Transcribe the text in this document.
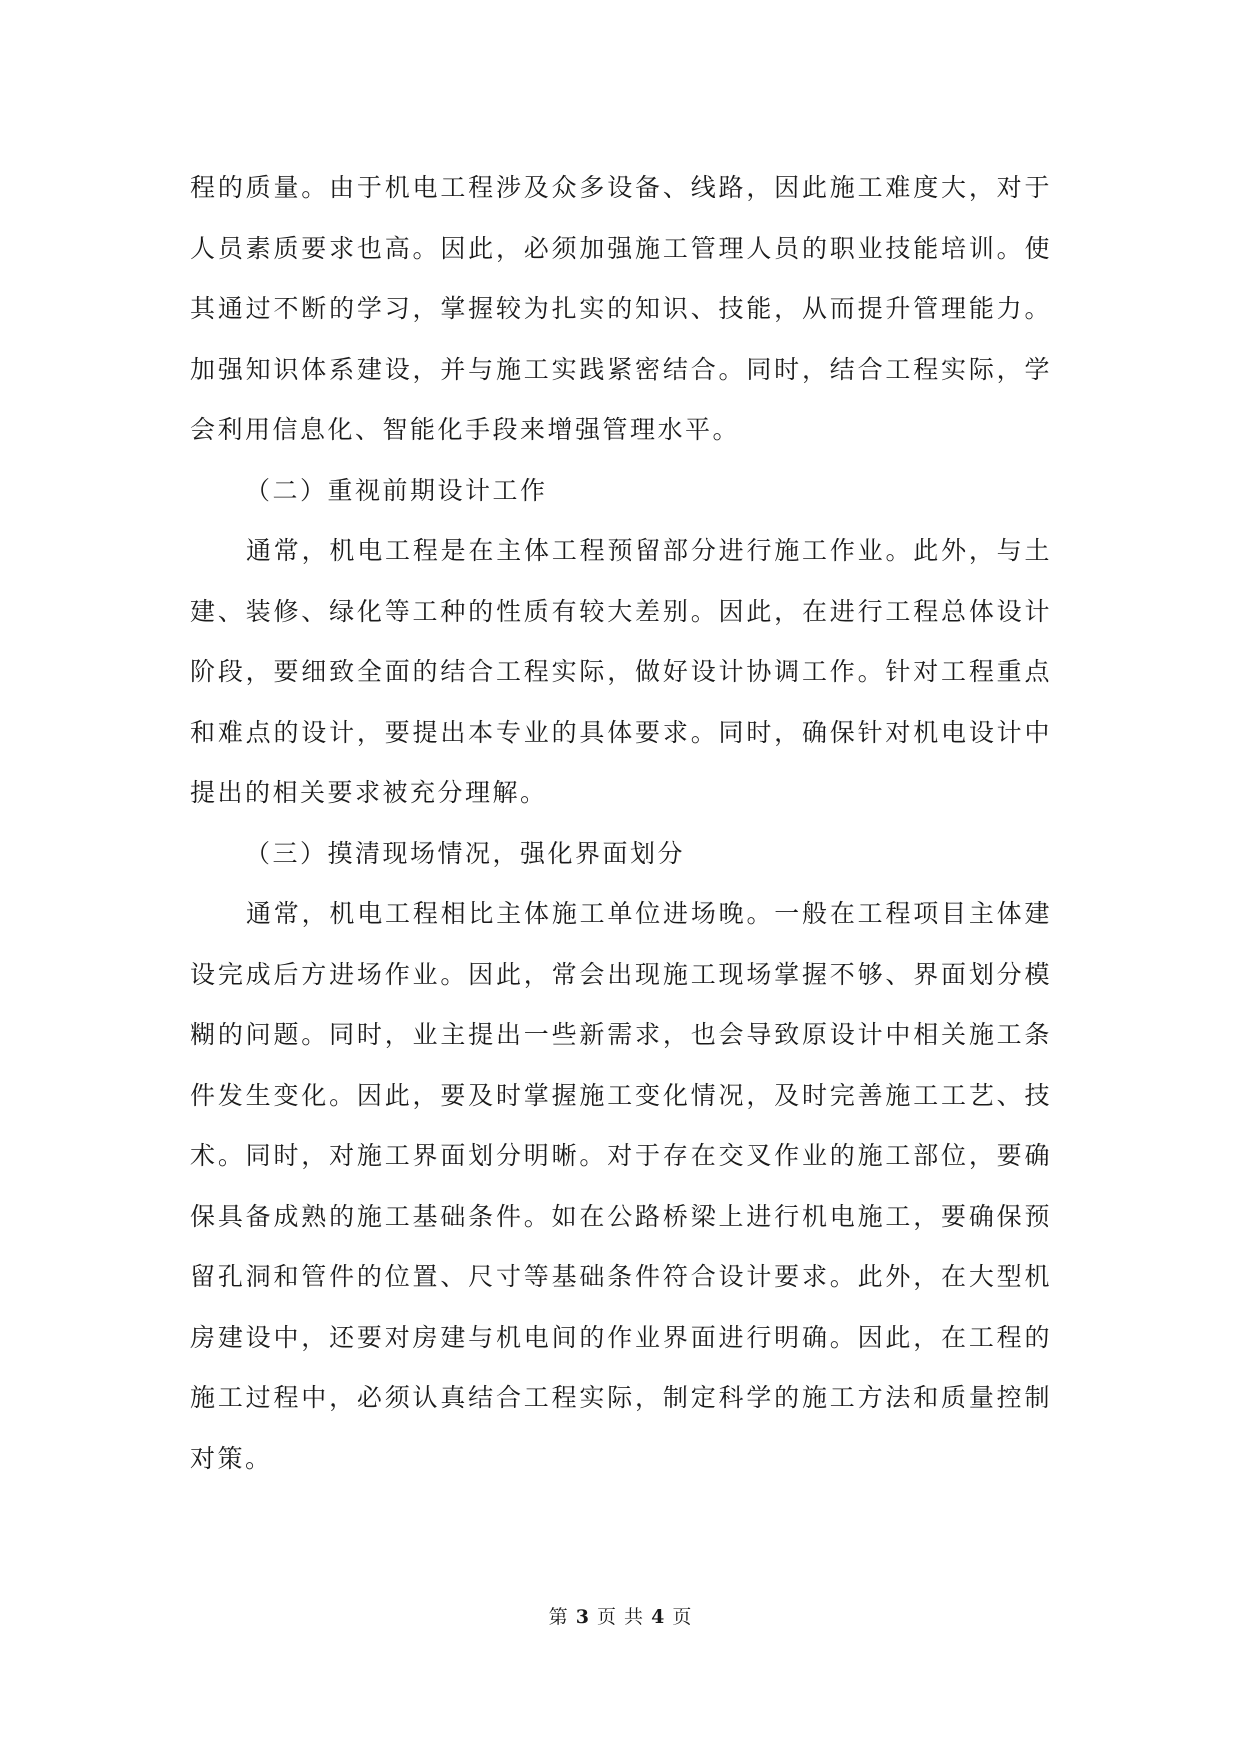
程的质量。由于机电工程涉及众多设备、线路，因此施工难度大，对于人员素质要求也高。因此，必须加强施工管理人员的职业技能培训。使其通过不断的学习，掌握较为扎实的知识、技能，从而提升管理能力。加强知识体系建设，并与施工实践紧密结合。同时，结合工程实际，学会利用信息化、智能化手段来增强管理水平。

（二）重视前期设计工作

通常，机电工程是在主体工程预留部分进行施工作业。此外，与土建、装修、绿化等工种的性质有较大差别。因此，在进行工程总体设计阶段，要细致全面的结合工程实际，做好设计协调工作。针对工程重点和难点的设计，要提出本专业的具体要求。同时，确保针对机电设计中提出的相关要求被充分理解。

（三）摸清现场情况，强化界面划分

通常，机电工程相比主体施工单位进场晚。一般在工程项目主体建设完成后方进场作业。因此，常会出现施工现场掌握不够、界面划分模糊的问题。同时，业主提出一些新需求，也会导致原设计中相关施工条件发生变化。因此，要及时掌握施工变化情况，及时完善施工工艺、技术。同时，对施工界面划分明晰。对于存在交叉作业的施工部位，要确保具备成熟的施工基础条件。如在公路桥梁上进行机电施工，要确保预留孔洞和管件的位置、尺寸等基础条件符合设计要求。此外，在大型机房建设中，还要对房建与机电间的作业界面进行明确。因此，在工程的施工过程中，必须认真结合工程实际，制定科学的施工方法和质量控制对策。

第 3 页 共 4 页
